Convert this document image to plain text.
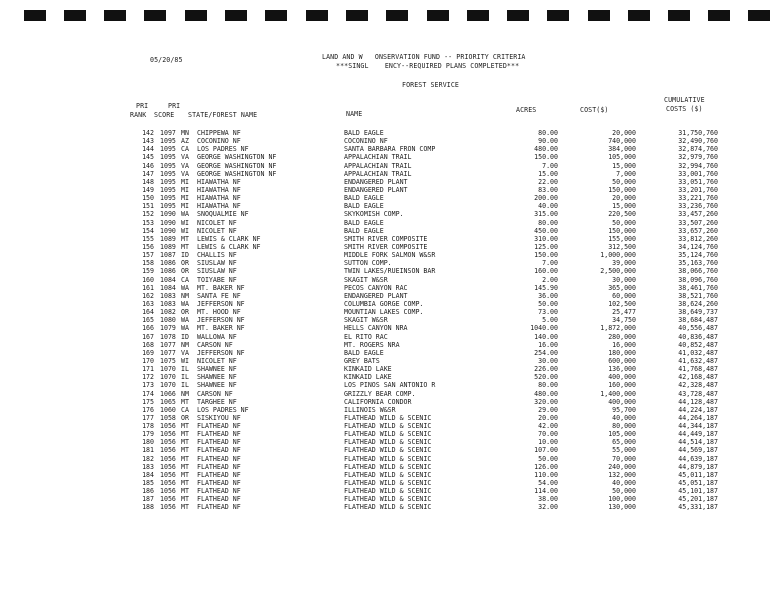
05/20/85	LAND AND W   ONSERVATION FUND -- PRIORITY CRITERIA
***SINGL    ENCY--REQUIRED PLANS COMPLETED***
FOREST SERVICE
PRI
RANK
PRI
SCORE STATE/FOREST NAME	NAME	ACRES	COST($)
CUMULATIVE
COSTS ($)
142 1097 MN CHIPPEWA NF	BALD EAGLE	80.00	20,000	31,750,760
143 1095 AZ COCONINO NF	COCONINO NF	90.00	740,000	32,490,760
144 1095 CA LOS PADRES NF	SANTA BARBARA FRON COMP	480.00	384,000	32,874,760
145 1095 VA GEORGE WASHINGTON NF	APPALACHIAN TRAIL	150.00	105,000	32,979,760
146 1095 VA GEORGE WASHINGTON NF	APPALACHIAN TRAIL	7.00	15,000	32,994,760
147 1095 VA GEORGE WASHINGTON NF	APPALACHIAN TRAIL	15.00	7,000	33,001,760
148 1095 MI HIAWATHA NF	ENDANGERED PLANT	22.00	50,000	33,051,760
149 1095 MI HIAWATHA NF	ENDANGERED PLANT	83.00	150,000	33,201,760
150 1095 MI HIAWATHA NF	BALD EAGLE	200.00	20,000	33,221,760
151 1095 MI HIAWATHA NF	BALD EAGLE	40.00	15,000	33,236,760
152 1090 WA SNOQUALMIE NF	SKYKOMISH COMP.	315.00	220,500	33,457,260
153 1090 WI NICOLET NF	BALD EAGLE	80.00	50,000	33,507,260
154 1090 WI NICOLET NF	BALD EAGLE	450.00	150,000	33,657,260
155 1089 MT LEWIS & CLARK NF	SMITH RIVER COMPOSITE	310.00	155,000	33,812,260
156 1089 MT LEWIS & CLARK NF	SMITH RIVER COMPOSITE	125.00	312,500	34,124,760
157 1087 ID CHALLIS NF	MIDDLE FORK SALMON W&SR	150.00	1,000,000	35,124,760
158 1086 OR SIUSLAW NF	SUTTON COMP.	7.00	39,000	35,163,760
159 1086 OR SIUSLAW NF	TWIN LAKES/RUEINSON BAR	160.00	2,500,000	38,066,760
160 1084 CA TOIYABE NF	SKAGIT W&SR	2.00	30,000	38,096,760
161 1084 WA MT. BAKER NF	PECOS CANYON RAC	145.90	365,000	38,461,760
162 1083 NM SANTA FE NF	ENDANGERED PLANT	36.00	60,000	38,521,760
163 1083 WA JEFFERSON NF	COLUMBIA GORGE COMP.	50.00	102,500	38,624,260
164 1082 OR MT. HOOD NF	MOUNTIAN LAKES COMP.	73.00	25,477	38,649,737
165 1080 WA JEFFERSON NF	SKAGIT W&SR	5.00	34,750	38,684,487
166 1079 WA MT. BAKER NF	HELLS CANYON NRA	1040.00	1,872,000	40,556,487
167 1078 ID WALLOWA NF	EL RITO RAC	140.00	280,000	40,836,487
168 1077 NM CARSON NF	MT. ROGERS NRA	16.00	16,000	40,852,487
169 1077 VA JEFFERSON NF	BALD EAGLE	254.00	180,000	41,032,487
170 1075 WI NICOLET NF	GREY BATS	30.00	600,000	41,632,487
171 1070 IL SHAWNEE NF	KINKAID LAKE	226.00	136,000	41,768,487
172 1070 IL SHAWNEE NF	KINKAID LAKE	520.00	400,000	42,168,487
173 1070 IL SHAWNEE NF	LOS PINOS SAN ANTONIO R	80.00	160,000	42,328,487
174 1066 NM CARSON NF	GRIZZLY BEAR COMP.	480.00	1,400,000	43,728,487
175 1065 MT TARGHEE NF	CALIFORNIA CONDOR	320.00	400,000	44,128,487
176 1060 CA LOS PADRES NF	ILLINOIS W&SR	29.00	95,700	44,224,187
177 1058 OR SISKIYOU NF	FLATHEAD WILD & SCENIC	20.00	40,000	44,264,187
178 1056 MT FLATHEAD NF	FLATHEAD WILD & SCENIC	42.00	80,000	44,344,187
179 1056 MT FLATHEAD NF	FLATHEAD WILD & SCENIC	70.00	105,000	44,449,187
180 1056 MT FLATHEAD NF	FLATHEAD WILD & SCENIC	10.00	65,000	44,514,187
181 1056 MT FLATHEAD NF	FLATHEAD WILD & SCENIC	107.00	55,000	44,569,187
182 1056 MT FLATHEAD NF	FLATHEAD WILD & SCENIC	50.00	70,000	44,639,187
183 1056 MT FLATHEAD NF	FLATHEAD WILD & SCENIC	126.00	240,000	44,879,187
184 1056 MT FLATHEAD NF	FLATHEAD WILD & SCENIC	110.00	132,000	45,011,187
185 1056 MT FLATHEAD NF	FLATHEAD WILD & SCENIC	54.00	40,000	45,051,187
186 1056 MT FLATHEAD NF	FLATHEAD WILD & SCENIC	114.00	50,000	45,101,187
187 1056 MT FLATHEAD NF	FLATHEAD WILD & SCENIC	38.00	100,000	45,201,187
188 1056 MT FLATHEAD NF	FLATHEAD WILD & SCENIC	32.00	130,000	45,331,187
